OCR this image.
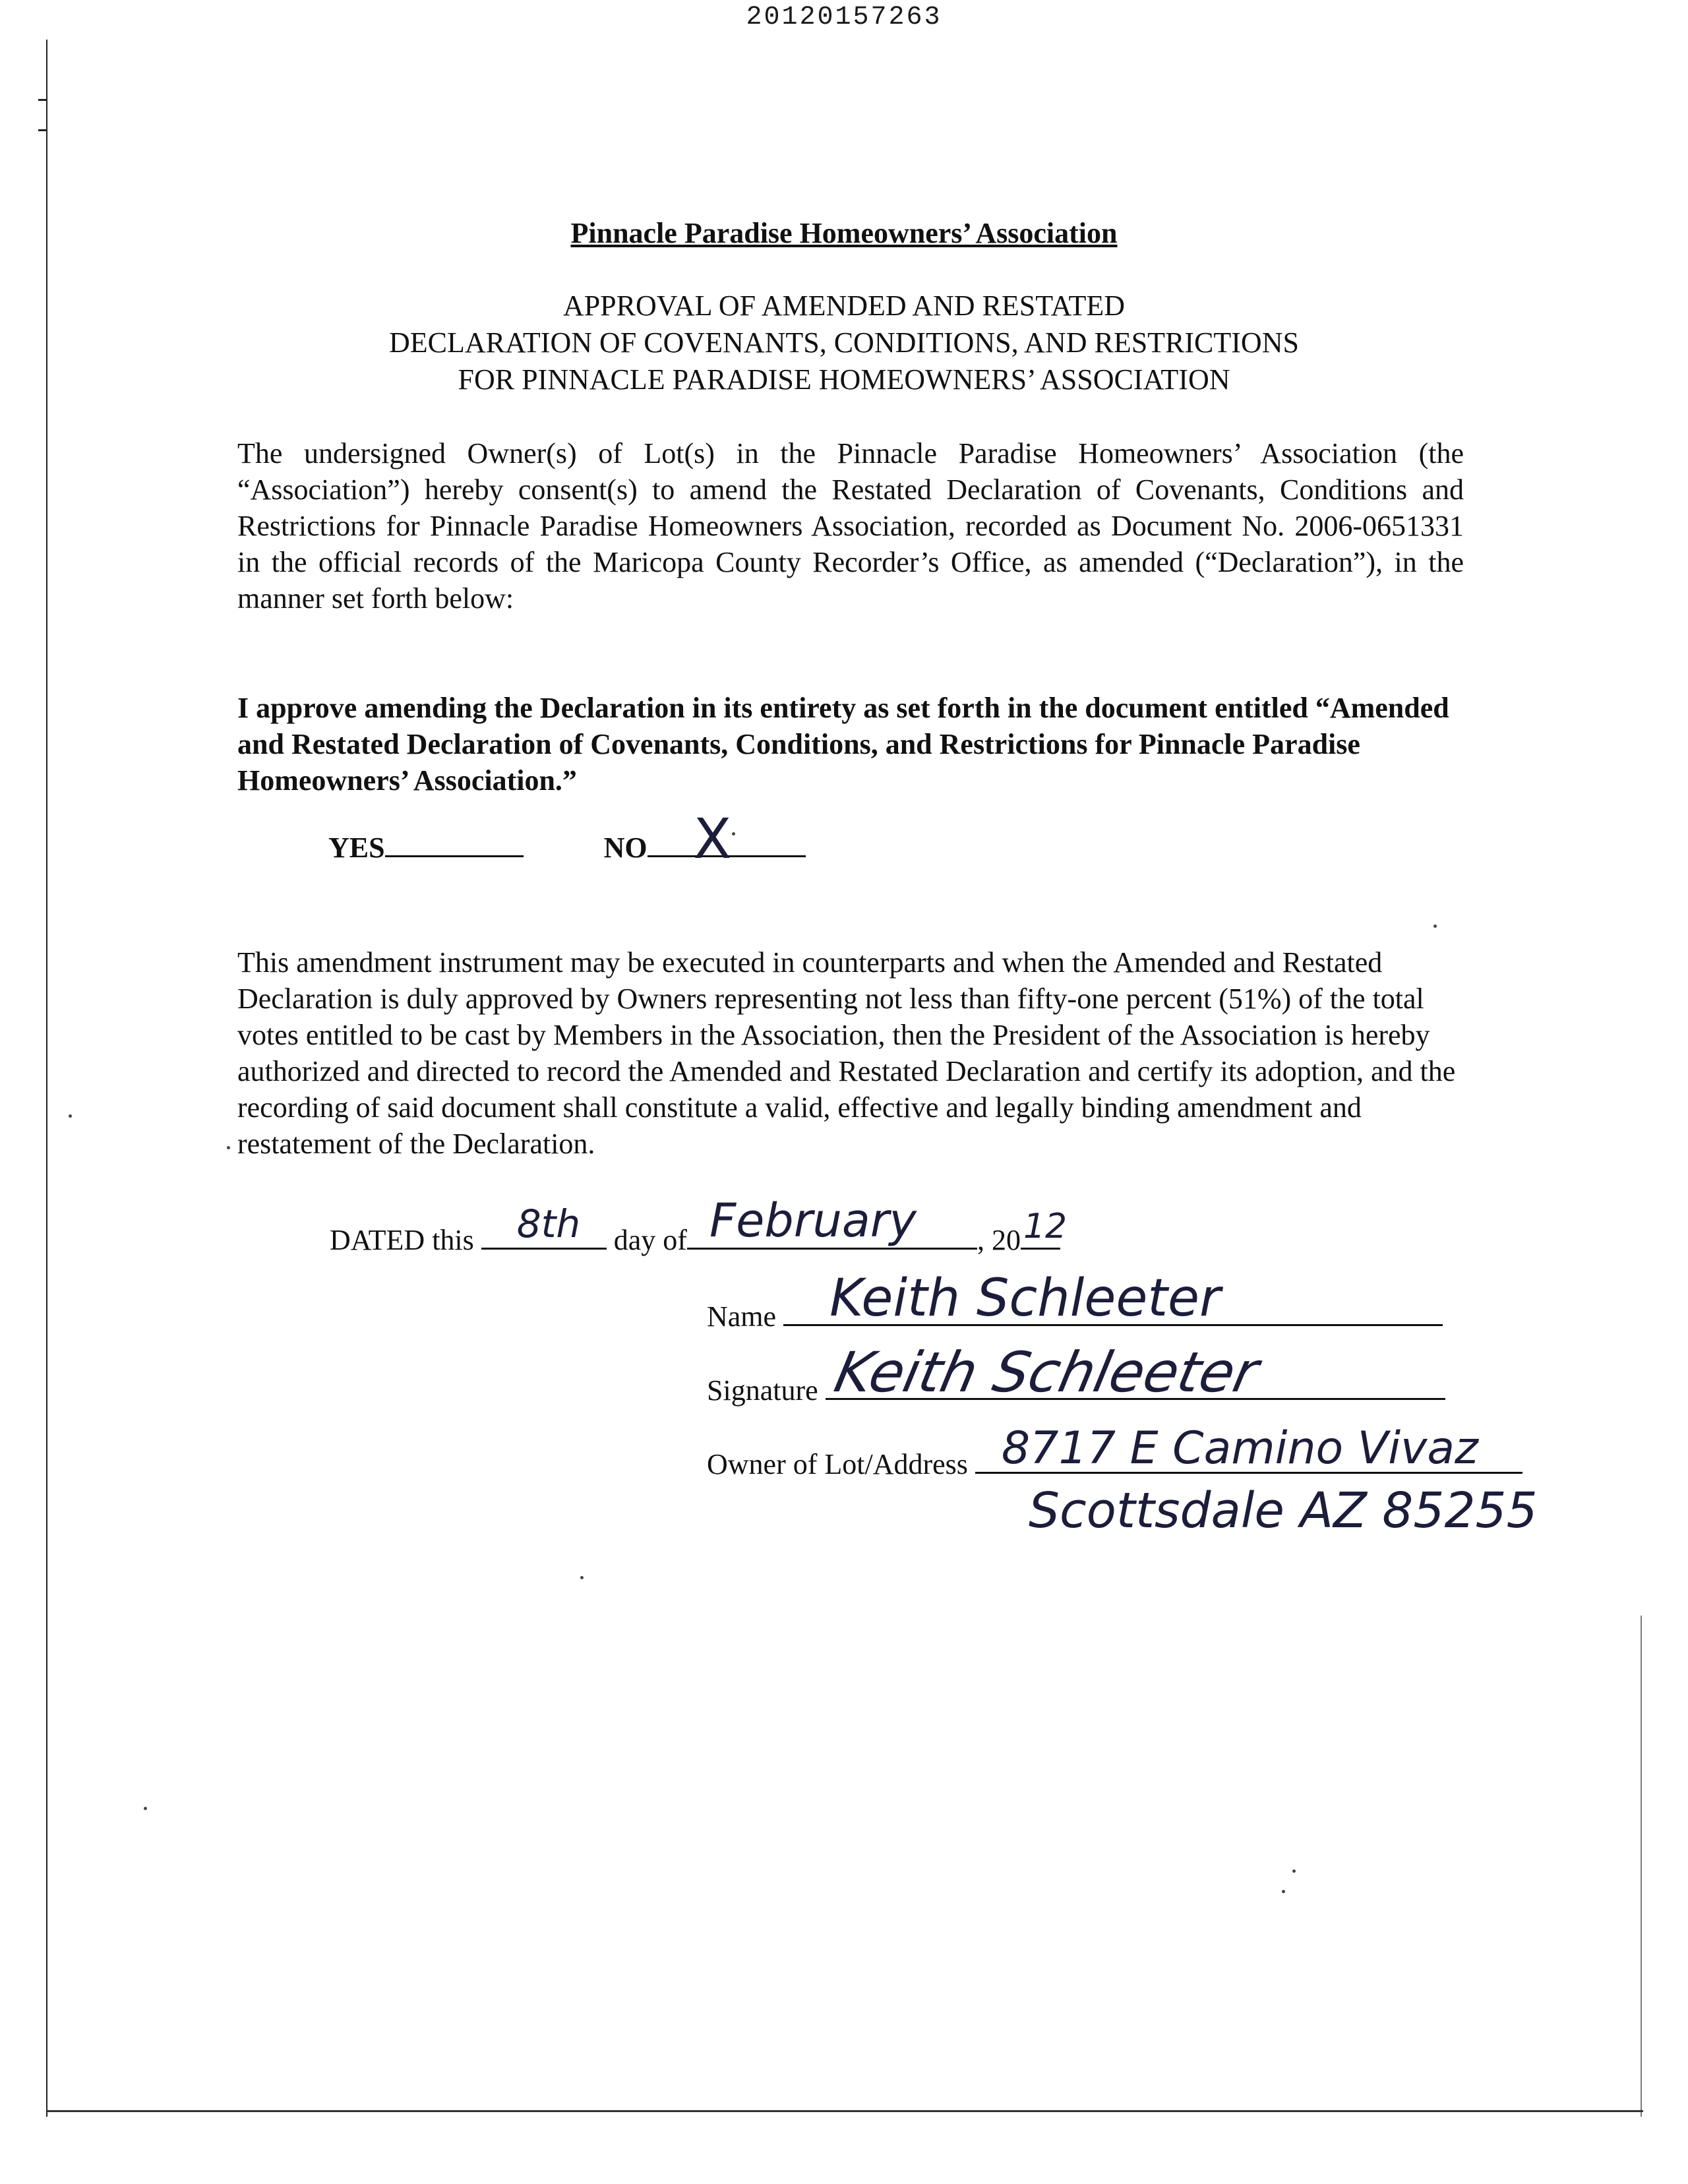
20120157263
Pinnacle Paradise Homeowners’ Association
APPROVAL OF AMENDED AND RESTATED
DECLARATION OF COVENANTS, CONDITIONS, AND RESTRICTIONS
FOR PINNACLE PARADISE HOMEOWNERS’ ASSOCIATION
The undersigned Owner(s) of Lot(s) in the Pinnacle Paradise Homeowners’ Association (the “Association”) hereby consent(s) to amend the Restated Declaration of Covenants, Conditions and Restrictions for Pinnacle Paradise Homeowners Association, recorded as Document No. 2006-0651331 in the official records of the Maricopa County Recorder’s Office, as amended (“Declaration”), in the manner set forth below:
I approve amending the Declaration in its entirety as set forth in the document entitled “Amended and Restated Declaration of Covenants, Conditions, and Restrictions for Pinnacle Paradise Homeowners’ Association.”
YES	NO X
This amendment instrument may be executed in counterparts and when the Amended and Restated Declaration is duly approved by Owners representing not less than fifty-one percent (51%) of the total votes entitled to be cast by Members in the Association, then the President of the Association is hereby authorized and directed to record the Amended and Restated Declaration and certify its adoption, and the recording of said document shall constitute a valid, effective and legally binding amendment and restatement of the Declaration.
DATED this 8th day of February , 20 12
Name Keith Schleeter
Signature Keith Schleeter
Owner of Lot/Address 8717 E Camino Vivaz
Scottsdale AZ 85255
